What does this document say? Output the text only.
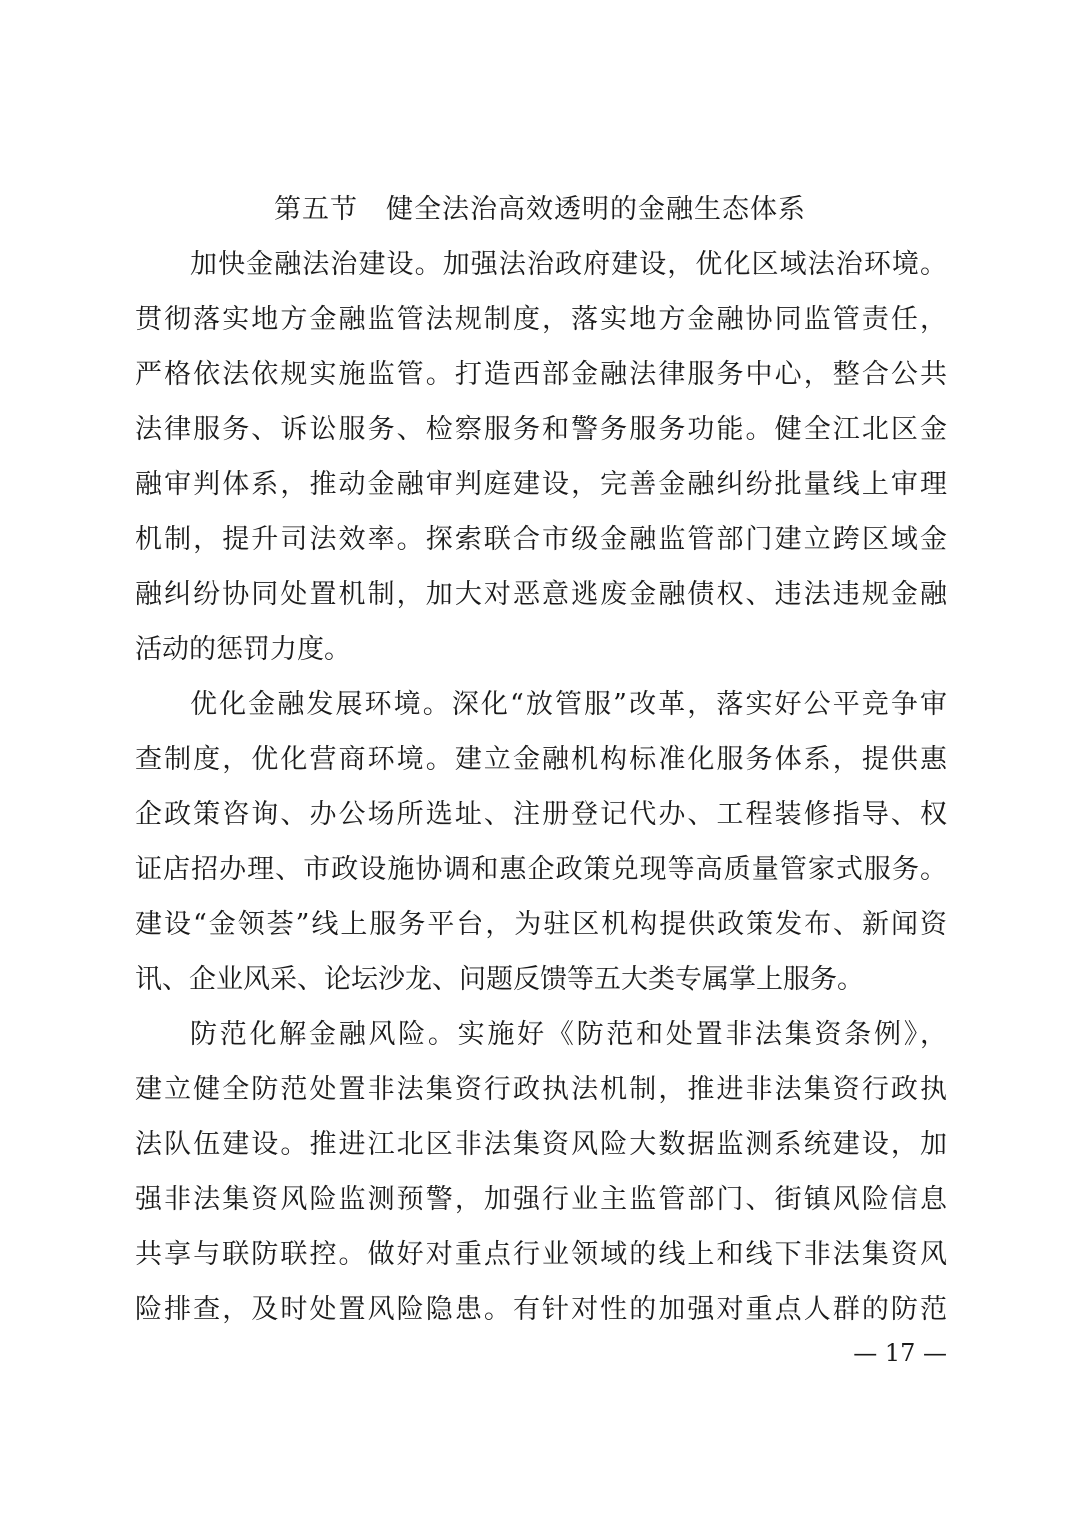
第五节　健全法治高效透明的金融生态体系
加快金融法治建设。加强法治政府建设，优化区域法治环境。
贯彻落实地方金融监管法规制度，落实地方金融协同监管责任，
严格依法依规实施监管。打造西部金融法律服务中心，整合公共
法律服务、诉讼服务、检察服务和警务服务功能。健全江北区金
融审判体系，推动金融审判庭建设，完善金融纠纷批量线上审理
机制，提升司法效率。探索联合市级金融监管部门建立跨区域金
融纠纷协同处置机制，加大对恶意逃废金融债权、违法违规金融
活动的惩罚力度。
优化金融发展环境。深化“放管服”改革，落实好公平竞争审
查制度，优化营商环境。建立金融机构标准化服务体系，提供惠
企政策咨询、办公场所选址、注册登记代办、工程装修指导、权
证店招办理、市政设施协调和惠企政策兑现等高质量管家式服务。
建设“金领荟”线上服务平台，为驻区机构提供政策发布、新闻资
讯、企业风采、论坛沙龙、问题反馈等五大类专属掌上服务。
防范化解金融风险。实施好《防范和处置非法集资条例》，
建立健全防范处置非法集资行政执法机制，推进非法集资行政执
法队伍建设。推进江北区非法集资风险大数据监测系统建设，加
强非法集资风险监测预警，加强行业主监管部门、街镇风险信息
共享与联防联控。做好对重点行业领域的线上和线下非法集资风
险排查，及时处置风险隐患。有针对性的加强对重点人群的防范
— 17 —
